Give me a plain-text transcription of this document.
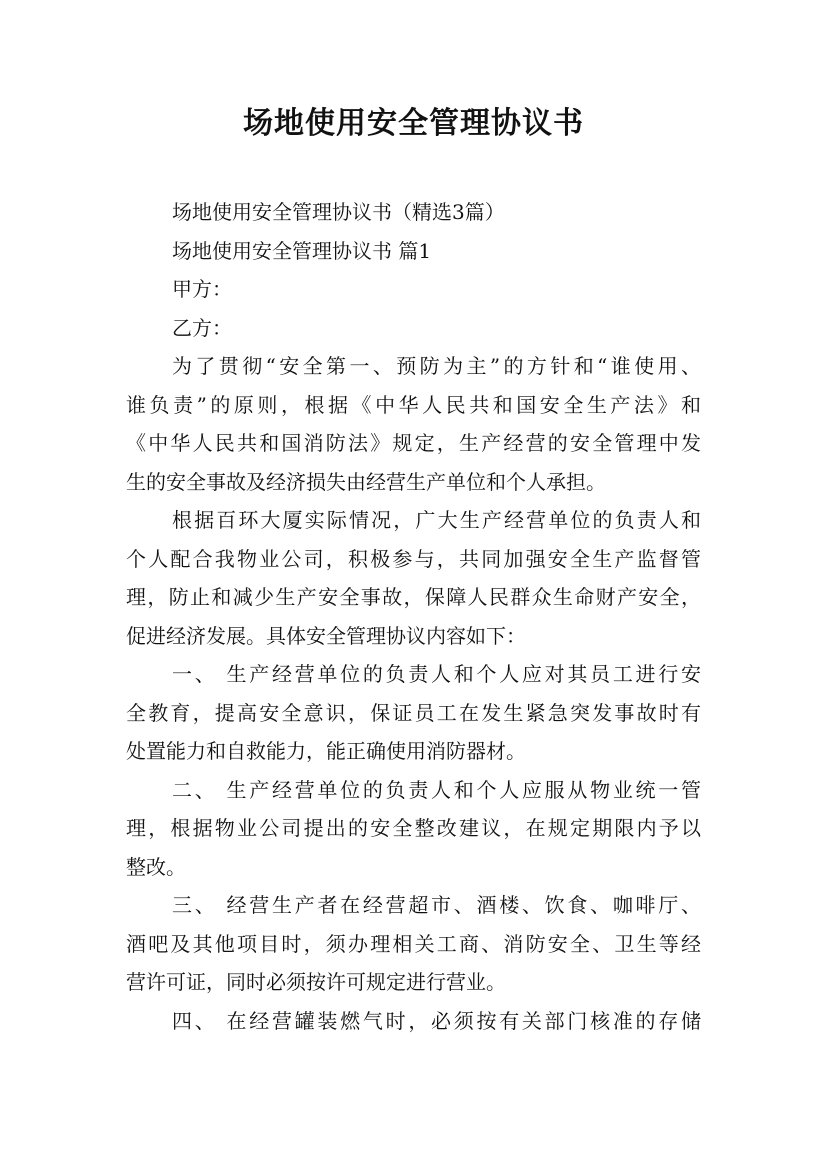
场地使用安全管理协议书
场地使用安全管理协议书（精选3篇）
场地使用安全管理协议书 篇1
甲方：
乙方：
为了贯彻“安全第一、预防为主”的方针和“谁使用、
谁负责”的原则，根据《中华人民共和国安全生产法》和
《中华人民共和国消防法》规定，生产经营的安全管理中发
生的安全事故及经济损失由经营生产单位和个人承担。
根据百环大厦实际情况，广大生产经营单位的负责人和
个人配合我物业公司，积极参与，共同加强安全生产监督管
理，防止和减少生产安全事故，保障人民群众生命财产安全，
促进经济发展。具体安全管理协议内容如下：
一、 生产经营单位的负责人和个人应对其员工进行安
全教育，提高安全意识，保证员工在发生紧急突发事故时有
处置能力和自救能力，能正确使用消防器材。
二、 生产经营单位的负责人和个人应服从物业统一管
理，根据物业公司提出的安全整改建议，在规定期限内予以
整改。
三、 经营生产者在经营超市、酒楼、饮食、咖啡厅、
酒吧及其他项目时，须办理相关工商、消防安全、卫生等经
营许可证，同时必须按许可规定进行营业。
四、 在经营罐装燃气时，必须按有关部门核准的存储
